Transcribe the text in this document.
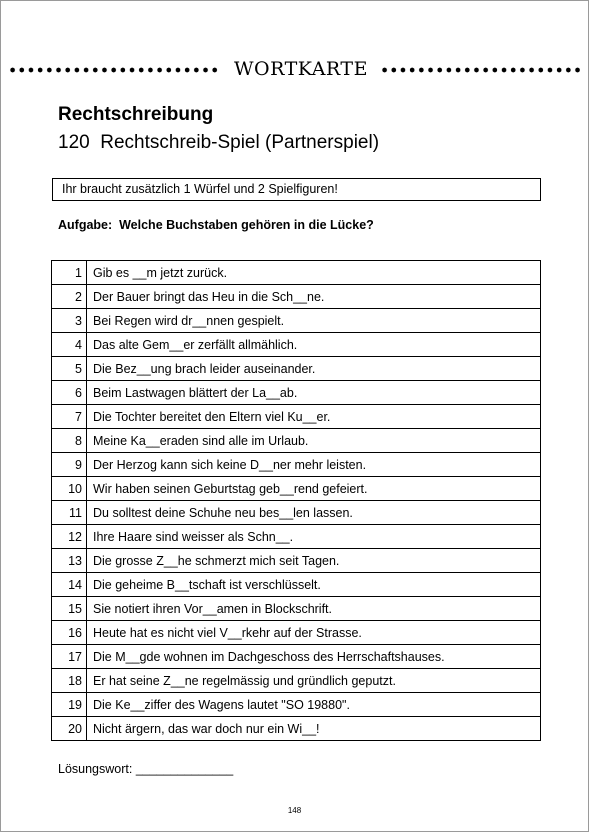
WORTKARTE
Rechtschreibung
120  Rechtschreib-Spiel (Partnerspiel)
Ihr braucht zusätzlich 1 Würfel und 2 Spielfiguren!
Aufgabe:  Welche Buchstaben gehören in die Lücke?
1	Gib es __m jetzt zurück.
2	Der Bauer bringt das Heu in die Sch__ne.
3	Bei Regen wird dr__nnen gespielt.
4	Das alte Gem__er zerfällt allmählich.
5	Die Bez__ung brach leider auseinander.
6	Beim Lastwagen blättert der La__ab.
7	Die Tochter bereitet den Eltern viel Ku__er.
8	Meine Ka__eraden sind alle im Urlaub.
9	Der Herzog kann sich keine D__ner mehr leisten.
10	Wir haben seinen Geburtstag geb__rend gefeiert.
11	Du solltest deine Schuhe neu bes__len lassen.
12	Ihre Haare sind weisser als Schn__.
13	Die grosse Z__he schmerzt mich seit Tagen.
14	Die geheime B__tschaft ist verschlüsselt.
15	Sie notiert ihren Vor__amen in Blockschrift.
16	Heute hat es nicht viel V__rkehr auf der Strasse.
17	Die M__gde wohnen im Dachgeschoss des Herrschaftshauses.
18	Er hat seine Z__ne regelmässig und gründlich geputzt.
19	Die Ke__ziffer des Wagens lautet "SO 19880".
20	Nicht ärgern, das war doch nur ein Wi__!
Lösungswort: ______________
148
